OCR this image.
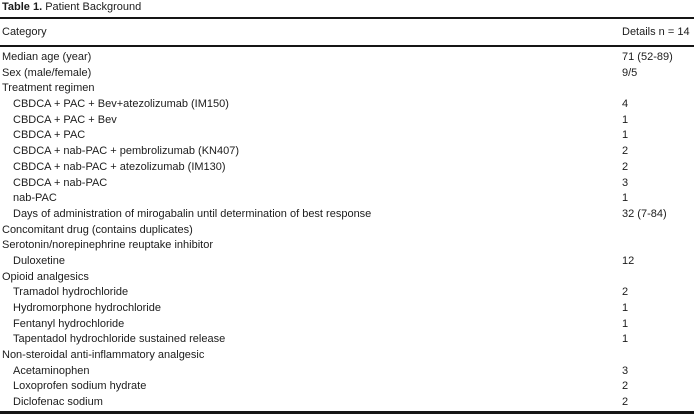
Table 1. Patient Background
Category	Details n = 14
Median age (year)	71 (52-89)
Sex (male/female)	9/5
Treatment regimen
CBDCA + PAC + Bev+atezolizumab (IM150)	4
CBDCA + PAC + Bev	1
CBDCA + PAC	1
CBDCA + nab-PAC + pembrolizumab (KN407)	2
CBDCA + nab-PAC + atezolizumab (IM130)	2
CBDCA + nab-PAC	3
nab-PAC	1
Days of administration of mirogabalin until determination of best response	32 (7-84)
Concomitant drug (contains duplicates)
Serotonin/norepinephrine reuptake inhibitor
Duloxetine	12
Opioid analgesics
Tramadol hydrochloride	2
Hydromorphone hydrochloride	1
Fentanyl hydrochloride	1
Tapentadol hydrochloride sustained release	1
Non-steroidal anti-inflammatory analgesic
Acetaminophen	3
Loxoprofen sodium hydrate	2
Diclofenac sodium	2
